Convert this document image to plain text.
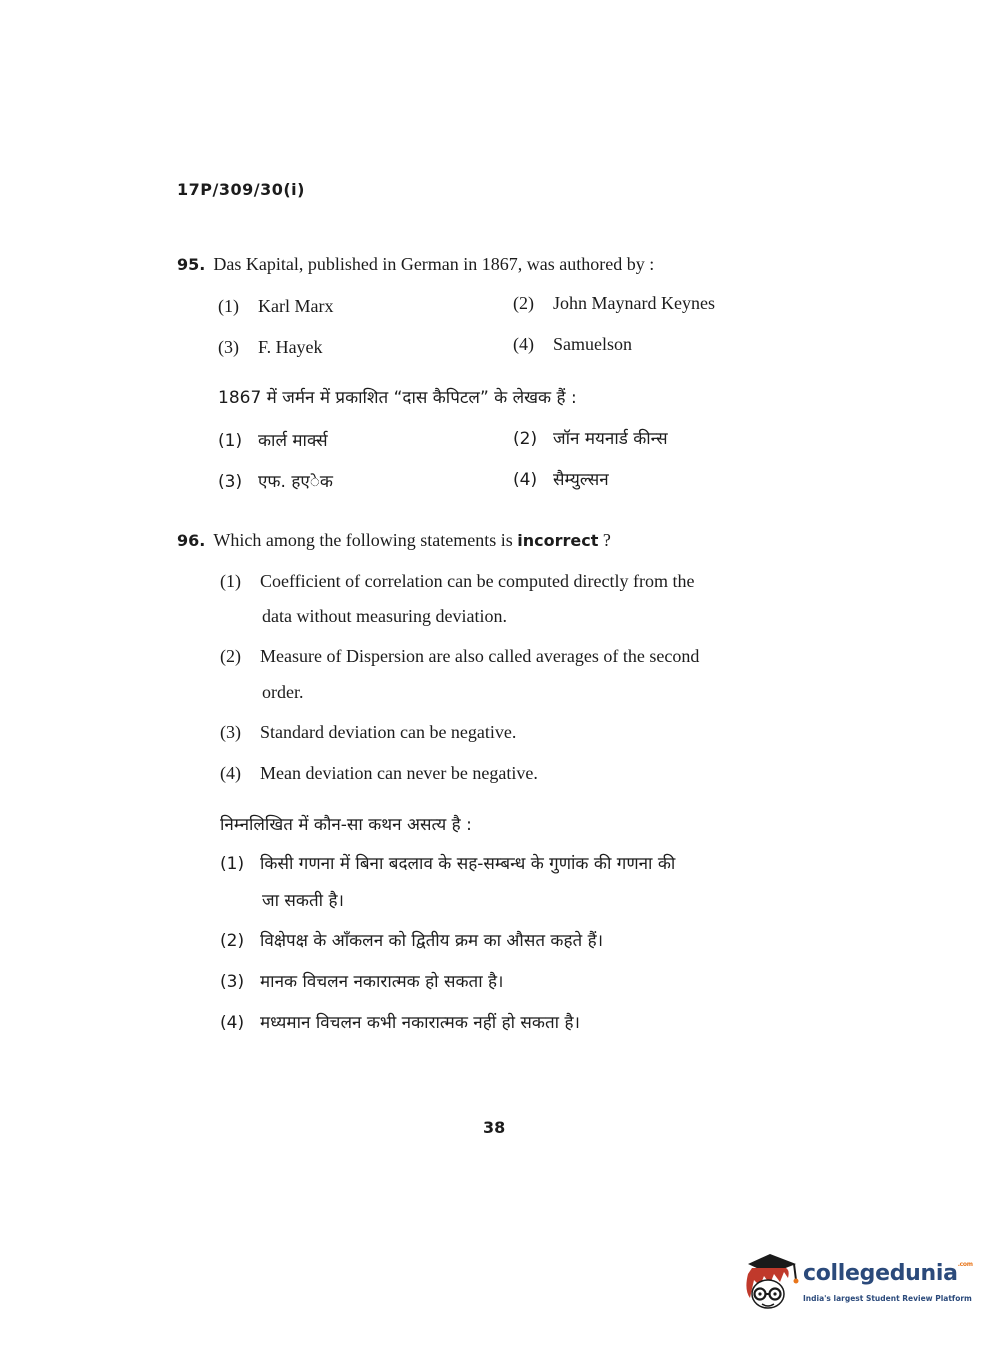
17P/309/30(i)
95. Das Kapital, published in German in 1867, was authored by :
(1) Karl Marx	(2) John Maynard Keynes
(3) F. Hayek	(4) Samuelson
1867 में जर्मन में प्रकाशित “दास कैपिटल” के लेखक हैं :
(1) कार्ल मार्क्स	(2) जॉन मयनार्ड कीन्स
(3) एफ. हएेक	(4) सैम्युल्सन
96. Which among the following statements is incorrect ?
(1) Coefficient of correlation can be computed directly from the
data without measuring deviation.
(2) Measure of Dispersion are also called averages of the second
order.
(3) Standard deviation can be negative.
(4) Mean deviation can never be negative.
निम्नलिखित में कौन-सा कथन असत्य है :
(1) किसी गणना में बिना बदलाव के सह-सम्बन्ध के गुणांक की गणना की
जा सकती है।
(2) विक्षेपक्ष के आँकलन को द्वितीय क्रम का औसत कहते हैं।
(3) मानक विचलन नकारात्मक हो सकता है।
(4) मध्यमान विचलन कभी नकारात्मक नहीं हो सकता है।
38
collegedunia$^{.com}$
India's largest Student Review Platform
